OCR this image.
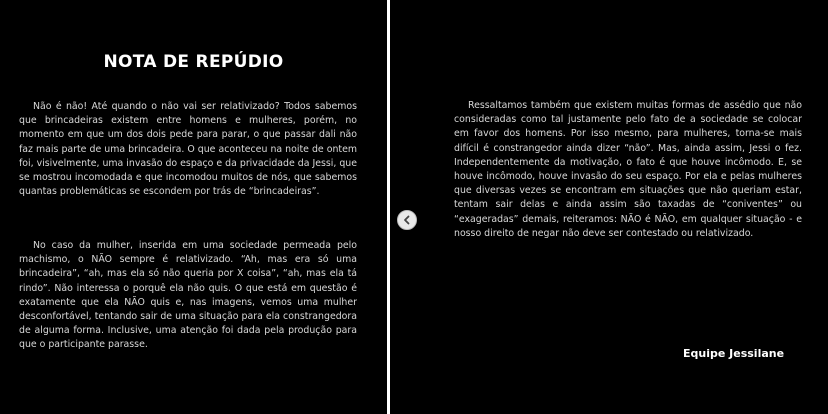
NOTA DE REPÚDIO

Não é não! Até quando o não vai ser relativizado? Todos sabemos que brincadeiras existem entre homens e mulheres, porém, no momento em que um dos dois pede para parar, o que passar dali não faz mais parte de uma brincadeira. O que aconteceu na noite de ontem foi, visivelmente, uma invasão do espaço e da privacidade da Jessi, que se mostrou incomodada e que incomodou muitos de nós, que sabemos quantas problemáticas se escondem por trás de “brincadeiras”.

No caso da mulher, inserida em uma sociedade permeada pelo machismo, o NÃO sempre é relativizado. “Ah, mas era só uma brincadeira”, “ah, mas ela só não queria por X coisa”, “ah, mas ela tá rindo”. Não interessa o porquê ela não quis. O que está em questão é exatamente que ela NÃO quis e, nas imagens, vemos uma mulher desconfortável, tentando sair de uma situação para ela constrangedora de alguma forma. Inclusive, uma atenção foi dada pela produção para que o participante parasse.

Ressaltamos também que existem muitas formas de assédio que não consideradas como tal justamente pelo fato de a sociedade se colocar em favor dos homens. Por isso mesmo, para mulheres, torna-se mais difícil é constrangedor ainda dizer “não”. Mas, ainda assim, Jessi o fez. Independentemente da motivação, o fato é que houve incômodo. E, se houve incômodo, houve invasão do seu espaço. Por ela e pelas mulheres que diversas vezes se encontram em situações que não queriam estar, tentam sair delas e ainda assim são taxadas de “coniventes” ou “exageradas” demais, reiteramos: NÃO é NÃO, em qualquer situação - e nosso direito de negar não deve ser contestado ou relativizado.

Equipe Jessilane
